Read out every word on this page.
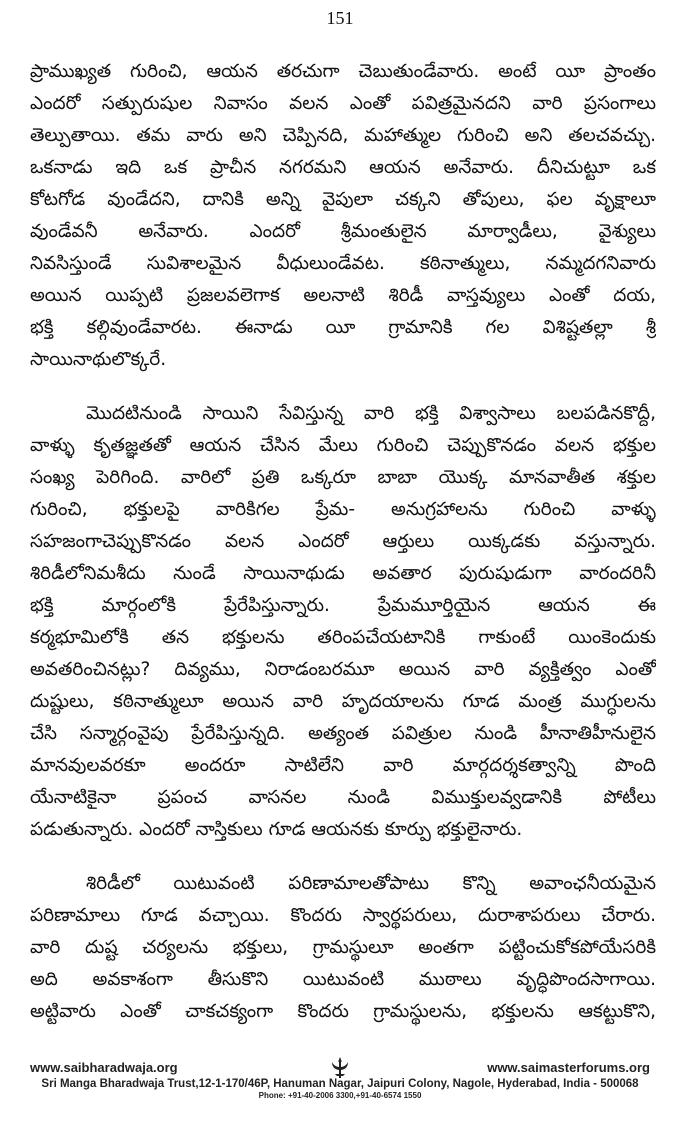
151
ప్రాముఖ్యత గురించి, ఆయన తరచుగా చెబుతుండేవారు. అంటే యీ ప్రాంతం
ఎందరో సత్పురుషుల నివాసం వలన ఎంతో పవిత్రమైనదని వారి ప్రసంగాలు
తెల్పుతాయి. తమ వారు అని చెప్పినది, మహాత్ముల గురించి అని తలచవచ్చు.
ఒకనాడు ఇది ఒక ప్రాచీన నగరమని ఆయన అనేవారు. దీనిచుట్టూ ఒక
కోటగోడ వుండేదని, దానికి అన్ని వైపులా చక్కని తోపులు, ఫల వృక్షాలూ
వుండేవనీ అనేవారు. ఎందరో శ్రీమంతులైన మార్వాడీలు, వైశ్యులు
నివసిస్తుండే సువిశాలమైన వీధులుండేవట. కఠినాత్ములు, నమ్మదగనివారు
అయిన యిప్పటి ప్రజలవలెగాక అలనాటి శిరిడీ వాస్తవ్యులు ఎంతో దయ,
భక్తి కల్గివుండేవారట. ఈనాడు యీ గ్రామానికి గల విశిష్టతల్లా శ్రీ
సాయినాథులొక్కరే.
మొదటినుండి సాయిని సేవిస్తున్న వారి భక్తి విశ్వాసాలు బలపడినకొద్దీ,
వాళ్ళు కృతజ్ఞతతో ఆయన చేసిన మేలు గురించి చెప్పుకొనడం వలన భక్తుల
సంఖ్య పెరిగింది. వారిలో ప్రతి ఒక్కరూ బాబా యొక్క మానవాతీత శక్తుల
గురించి, భక్తులపై వారికిగల ప్రేమ- అనుగ్రహాలను గురించి వాళ్ళు
సహజంగాచెప్పుకొనడం వలన ఎందరో ఆర్తులు యిక్కడకు వస్తున్నారు.
శిరిడీలోనిమశీదు నుండే సాయినాథుడు అవతార పురుషుడుగా వారందరినీ
భక్తి మార్గంలోకి ప్రేరేపిస్తున్నారు. ప్రేమమూర్తియైన ఆయన ఈ
కర్మభూమిలోకి తన భక్తులను తరింపచేయటానికి గాకుంటే యింకెందుకు
అవతరించినట్లు? దివ్యము, నిరాడంబరమూ అయిన వారి వ్యక్తిత్వం ఎంతో
దుష్టులు, కఠినాత్ములూ అయిన వారి హృదయాలను గూడ మంత్ర ముగ్ధులను
చేసి సన్మార్గంవైపు ప్రేరేపిస్తున్నది. అత్యంత పవిత్రుల నుండి హీనాతిహీనులైన
మానవులవరకూ అందరూ సాటిలేని వారి మార్గదర్శకత్వాన్ని పొంది
యేనాటికైనా ప్రపంచ వాసనల నుండి విముక్తులవ్వడానికి పోటీలు
పడుతున్నారు. ఎందరో నాస్తికులు గూడ ఆయనకు కూర్పు భక్తులైనారు.
శిరిడీలో యిటువంటి పరిణామాలతోపాటు కొన్ని అవాంఛనీయమైన
పరిణామాలు గూడ వచ్చాయి. కొందరు స్వార్థపరులు, దురాశాపరులు చేరారు.
వారి దుష్ట చర్యలను భక్తులు, గ్రామస్థులూ అంతగా పట్టించుకోకపోయేసరికి
అది అవకాశంగా తీసుకొని యిటువంటి ముఠాలు వృద్ధిపొందసాగాయి.
అట్టివారు ఎంతో చాకచక్యంగా కొందరు గ్రామస్థులను, భక్తులను ఆకట్టుకొని,
www.saibharadwaja.org	www.saimasterforums.org
Sri Manga Bharadwaja Trust,12-1-170/46P, Hanuman Nagar, Jaipuri Colony, Nagole, Hyderabad, India - 500068
Phone: +91-40-2006 3300,+91-40-6574 1550
